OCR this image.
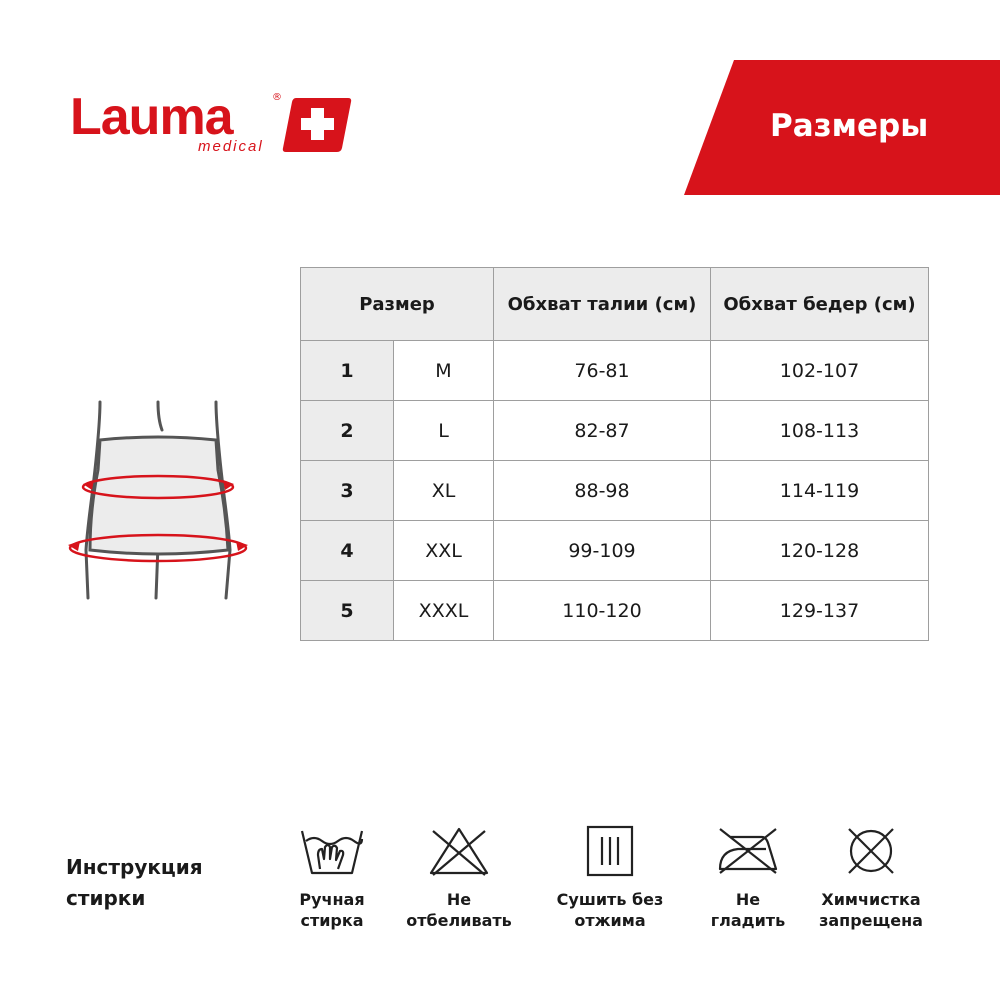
Lauma	®
medical
Размеры
Размер		Обхват талии (см)	Обхват бедер (см)
1	M	76-81	102-107
2	L	82-87	108-113
3	XL	88-98	114-119
4	XXL	99-109	120-128
5	XXXL	110-120	129-137
Инструкция
стирки	Ручная
стирка
Не
отбеливать
Сушить без
отжима
Не
гладить
Химчистка
запрещена
